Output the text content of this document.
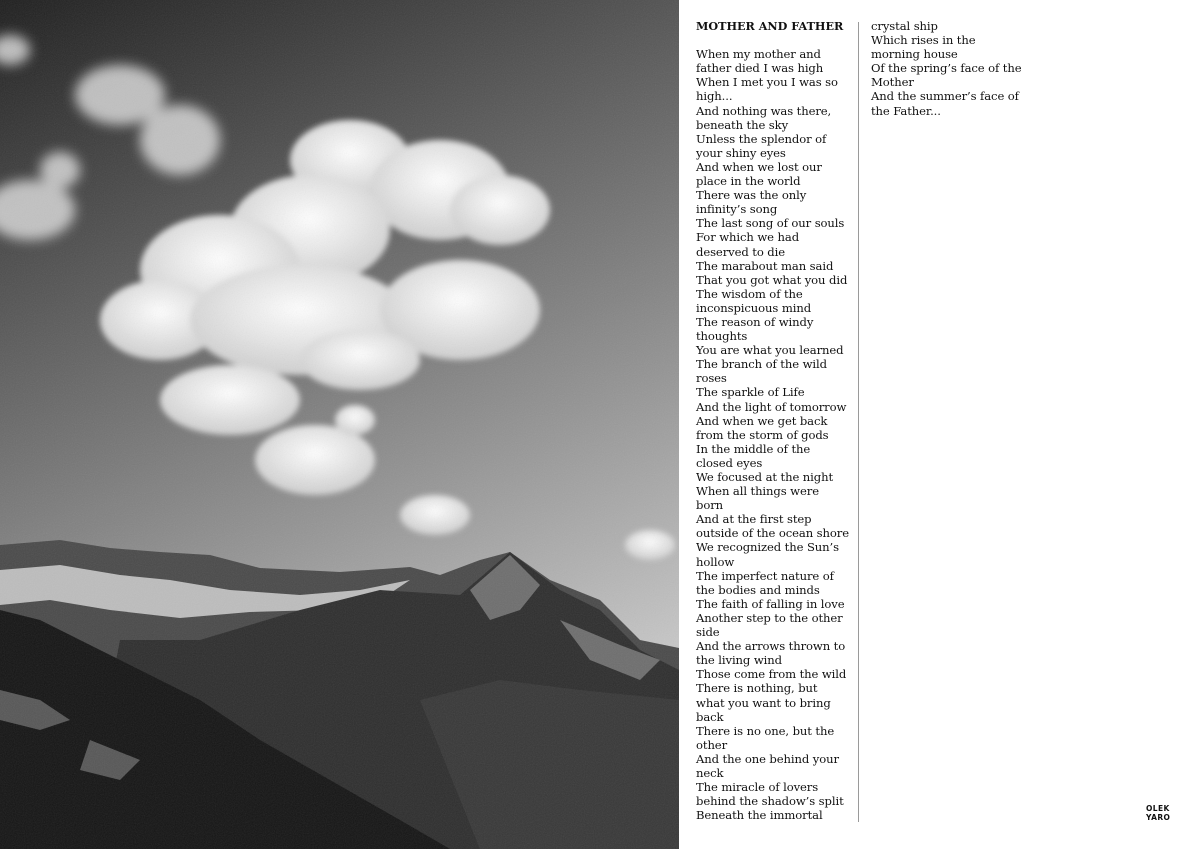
MOTHER AND FATHER
When my mother and
father died I was high
When I met you I was so
high...
And nothing was there,
beneath the sky
Unless the splendor of
your shiny eyes
And when we lost our
place in the world
There was the only
infinity’s song
The last song of our souls
For which we had
deserved to die
The marabout man said
That you got what you did
The wisdom of the
inconspicuous mind
The reason of windy
thoughts
You are what you learned
The branch of the wild
roses
The sparkle of Life
And the light of tomorrow
And when we get back
from the storm of gods
In the middle of the
closed eyes
We focused at the night
When all things were
born
And at the first step
outside of the ocean shore
We recognized the Sun’s
hollow
The imperfect nature of
the bodies and minds
The faith of falling in love
Another step to the other
side
And the arrows thrown to
the living wind
Those come from the wild
There is nothing, but
what you want to bring
back
There is no one, but the
other
And the one behind your
neck
The miracle of lovers
behind the shadow’s split
Beneath the immortal
crystal ship
Which rises in the
morning house
Of the spring’s face of the
Mother
And the summer’s face of
the Father...
OLEK
YARO
